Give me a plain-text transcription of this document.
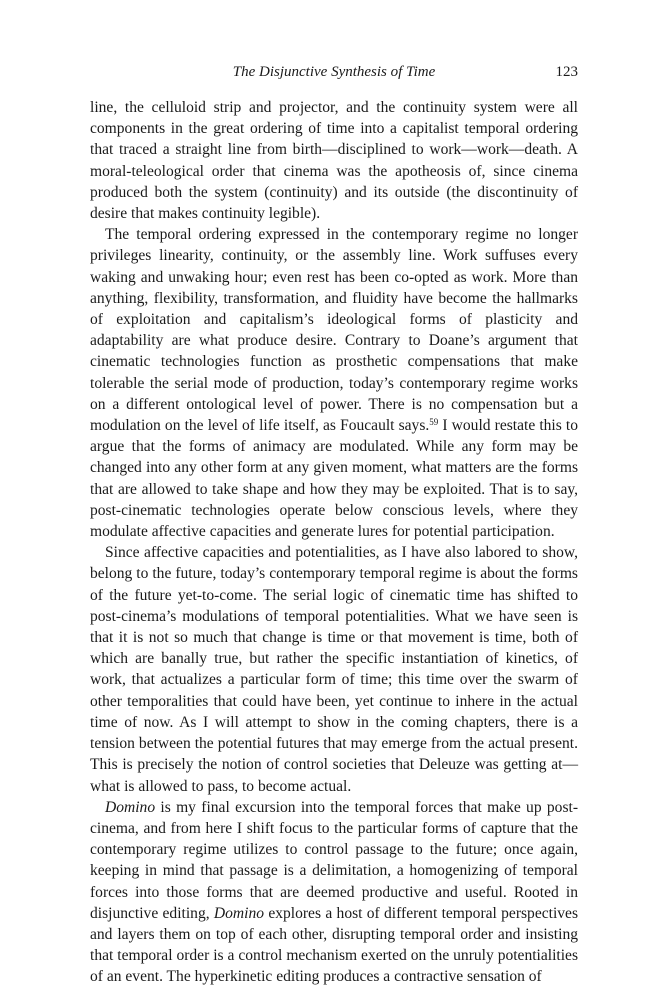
The Disjunctive Synthesis of Time	123

line, the celluloid strip and projector, and the continuity system were all components in the great ordering of time into a capitalist temporal ordering that traced a straight line from birth—disciplined to work—work—death. A moral-teleological order that cinema was the apotheosis of, since cinema produced both the system (continuity) and its outside (the discontinuity of desire that makes continuity legible).

The temporal ordering expressed in the contemporary regime no longer privileges linearity, continuity, or the assembly line. Work suffuses every waking and unwaking hour; even rest has been co-opted as work. More than anything, flexibility, transformation, and fluidity have become the hallmarks of exploitation and capitalism’s ideological forms of plasticity and adaptability are what produce desire. Contrary to Doane’s argument that cinematic technologies function as prosthetic compensations that make tolerable the serial mode of production, today’s contemporary regime works on a different ontological level of power. There is no compensation but a modulation on the level of life itself, as Foucault says.$^{59}$ I would restate this to argue that the forms of animacy are modulated. While any form may be changed into any other form at any given moment, what matters are the forms that are allowed to take shape and how they may be exploited. That is to say, post-cinematic technologies operate below conscious levels, where they modulate affective capacities and generate lures for potential participation.

Since affective capacities and potentialities, as I have also labored to show, belong to the future, today’s contemporary temporal regime is about the forms of the future yet-to-come. The serial logic of cinematic time has shifted to post-cinema’s modulations of temporal potentialities. What we have seen is that it is not so much that change is time or that movement is time, both of which are banally true, but rather the specific instantiation of kinetics, of work, that actualizes a particular form of time; this time over the swarm of other temporalities that could have been, yet continue to inhere in the actual time of now. As I will attempt to show in the coming chapters, there is a tension between the potential futures that may emerge from the actual present. This is precisely the notion of control societies that Deleuze was getting at—what is allowed to pass, to become actual.

Domino is my final excursion into the temporal forces that make up post-cinema, and from here I shift focus to the particular forms of capture that the contemporary regime utilizes to control passage to the future; once again, keeping in mind that passage is a delimitation, a homogenizing of temporal forces into those forms that are deemed productive and useful. Rooted in disjunctive editing, Domino explores a host of different temporal perspectives and layers them on top of each other, disrupting temporal order and insisting that temporal order is a control mechanism exerted on the unruly potentialities of an event. The hyperkinetic editing produces a contractive sensation of
